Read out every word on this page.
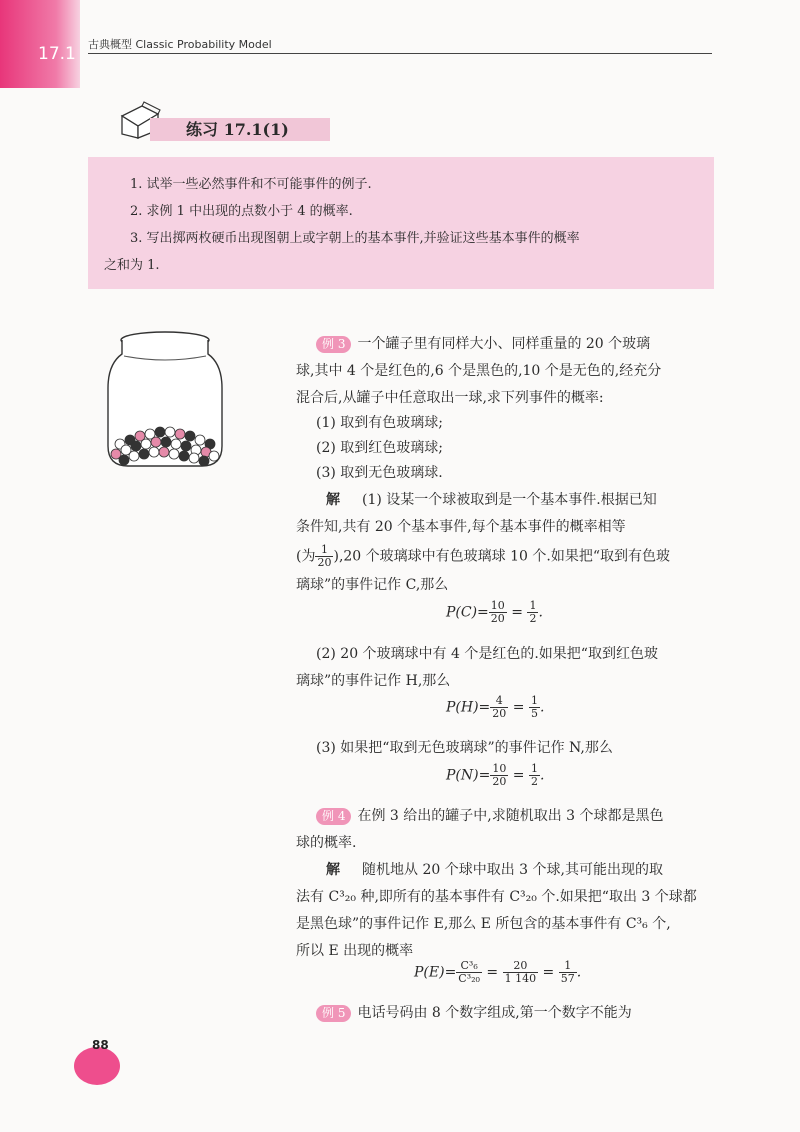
17.1 古典概型 Classic Probability Model
练习 17.1(1)
1. 试举一些必然事件和不可能事件的例子.
2. 求例 1 中出现的点数小于 4 的概率.
3. 写出掷两枚硬币出现图朝上或字朝上的基本事件,并验证这些基本事件的概率
之和为 1.
例 3 一个罐子里有同样大小、同样重量的 20 个玻璃
球,其中 4 个是红色的,6 个是黑色的,10 个是无色的,经充分
混合后,从罐子中任意取出一球,求下列事件的概率:
(1) 取到有色玻璃球;
(2) 取到红色玻璃球;
(3) 取到无色玻璃球.
解 (1) 设某一个球被取到是一个基本事件.根据已知
条件知,共有 20 个基本事件,每个基本事件的概率相等
(为 $\frac{1}{20} ),20$ 个玻璃球中有色玻璃球 10 个.如果把“取到有色玻
璃球”的事件记作 C,那么
$P(C)= \frac{10}{20} = \frac{1}{2}$ .
(2) 20 个玻璃球中有 4 个是红色的.如果把“取到红色玻
璃球”的事件记作 H,那么
$P(H)= \frac{4}{20} = \frac{1}{5}$ .
(3) 如果把“取到无色玻璃球”的事件记作 N,那么
$P(N)= \frac{10}{20} = \frac{1}{2}$ .
例 4 在例 3 给出的罐子中,求随机取出 3 个球都是黑色
球的概率.
解 随机地从 20 个球中取出 3 个球,其可能出现的取
法有 C³₂₀ 种,即所有的基本事件有 C³₂₀ 个.如果把“取出 3 个球都
是黑色球”的事件记作 E,那么 E 所包含的基本事件有 C³₆ 个,
所以 E 出现的概率
$P(E)= \frac{\text{C³₆}}{\text{C³₂₀}} = \frac{20}{1 140} = \frac{1}{57}$ .
例 5 电话号码由 8 个数字组成,第一个数字不能为
88
